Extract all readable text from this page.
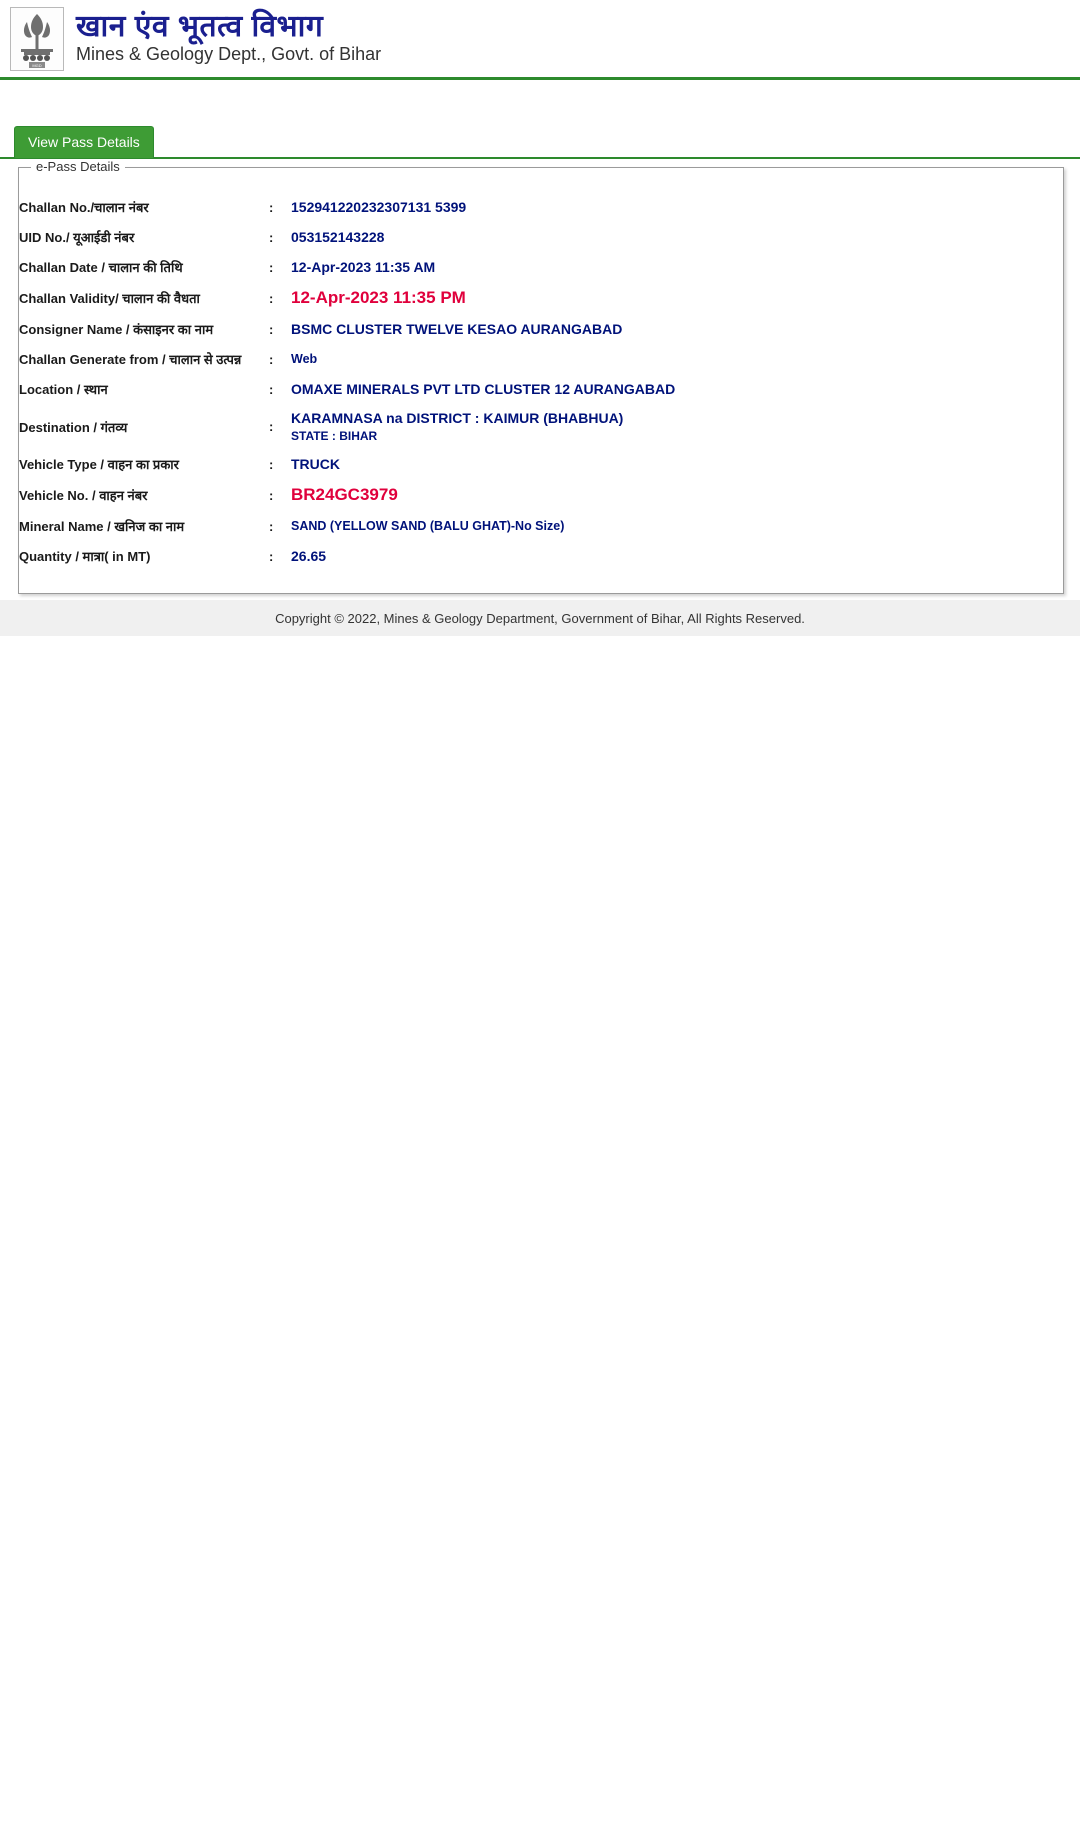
MGD
खान एंव भूतत्व विभाग
Mines & Geology Dept., Govt. of Bihar
View Pass Details
e-Pass Details
Challan No./चालान नंबर	:	152941220232307131 5399
UID No./ यूआईडी नंबर	:	053152143228
Challan Date / चालान की तिथि	:	12-Apr-2023 11:35 AM
Challan Validity/ चालान की वैधता	:	12-Apr-2023 11:35 PM
Consigner Name / कंसाइनर का नाम	:	BSMC CLUSTER TWELVE KESAO AURANGABAD
Challan Generate from / चालान से उत्पन्न	:	Web
Location / स्थान	:	OMAXE MINERALS PVT LTD CLUSTER 12 AURANGABAD
Destination / गंतव्य	:	KARAMNASA na DISTRICT : KAIMUR (BHABHUA)
STATE : BIHAR

Vehicle Type / वाहन का प्रकार	:	TRUCK
Vehicle No. / वाहन नंबर	:	BR24GC3979
Mineral Name / खनिज का नाम	:	SAND (YELLOW SAND (BALU GHAT)-No Size)
Quantity / मात्रा( in MT)	:	26.65
Copyright © 2022, Mines & Geology Department, Government of Bihar, All Rights Reserved.
